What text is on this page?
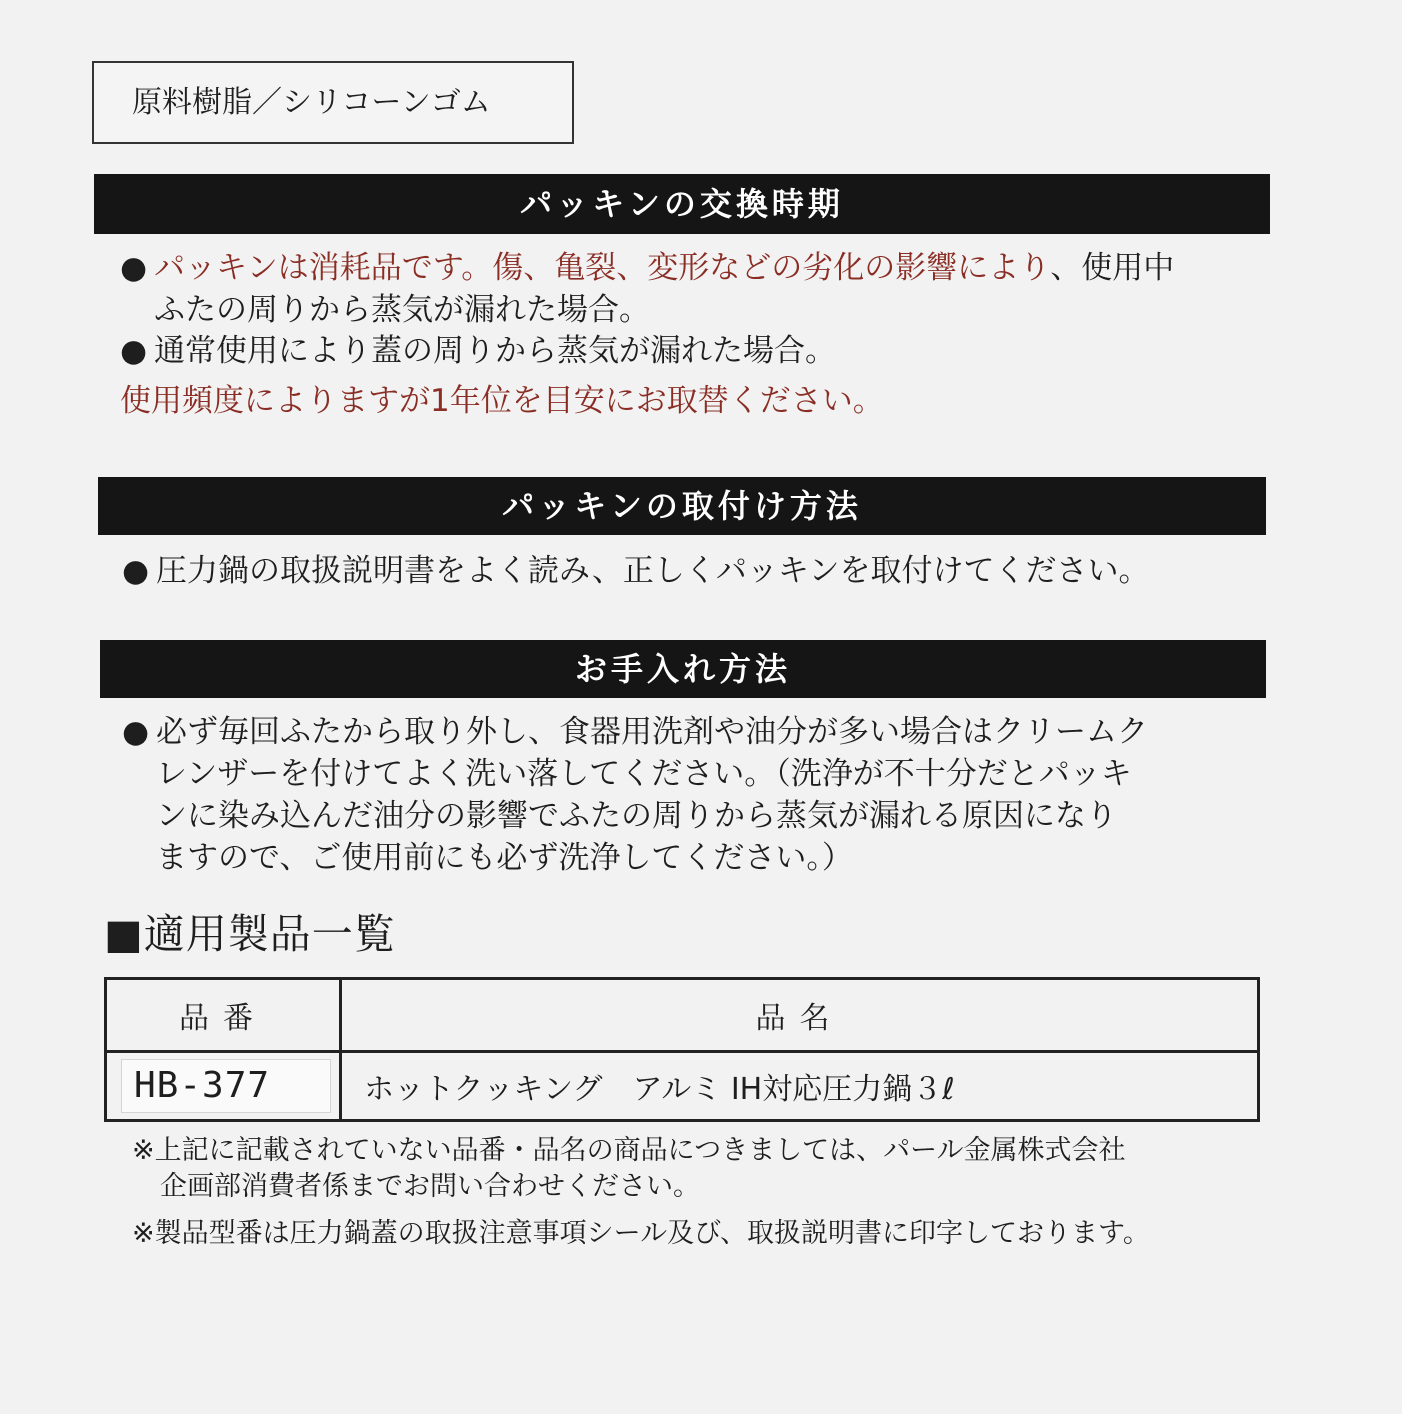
原料樹脂／シリコーンゴム
パッキンの交換時期
● パッキンは消耗品です。傷、亀裂、変形などの劣化の影響により、使用中
ふたの周りから蒸気が漏れた場合。
● 通常使用により蓋の周りから蒸気が漏れた場合。
使用頻度によりますが1年位を目安にお取替ください。
パッキンの取付け方法
● 圧力鍋の取扱説明書をよく読み、正しくパッキンを取付けてください。
お手入れ方法
● 必ず毎回ふたから取り外し、食器用洗剤や油分が多い場合はクリームク
レンザーを付けてよく洗い落してください。（洗浄が不十分だとパッキ
ンに染み込んだ油分の影響でふたの周りから蒸気が漏れる原因になり
ますので、ご使用前にも必ず洗浄してください。）
■適用製品一覧
品番	品名

HB-377	ホットクッキング　アルミ IH対応圧力鍋３ℓ
※上記に記載されていない品番・品名の商品につきましては、パール金属株式会社
企画部消費者係までお問い合わせください。
※製品型番は圧力鍋蓋の取扱注意事項シール及び、取扱説明書に印字しております。
